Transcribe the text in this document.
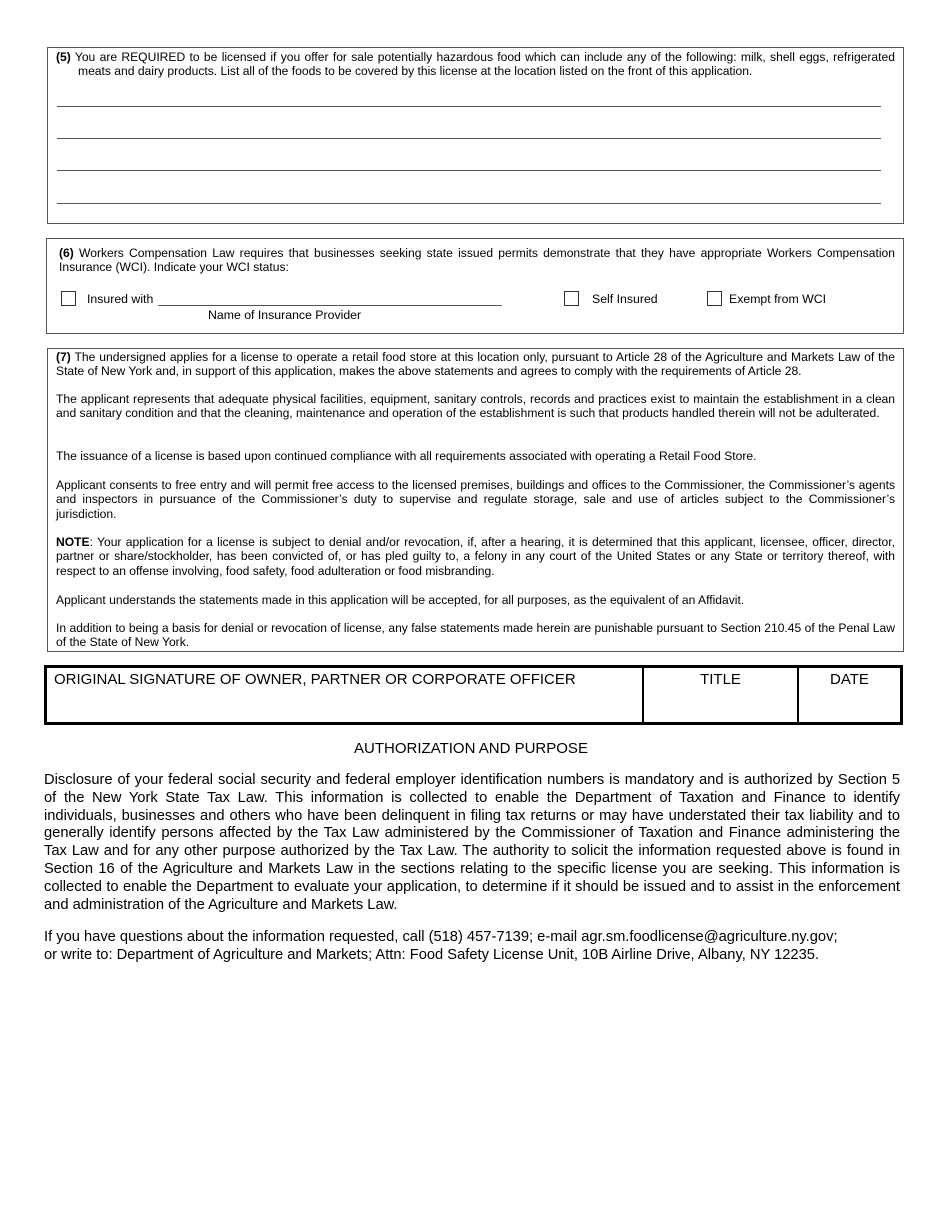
(5) You are REQUIRED to be licensed if you offer for sale potentially hazardous food which can include any of the following: milk, shell eggs, refrigerated meats and dairy products. List all of the foods to be covered by this license at the location listed on the front of this application.
(6) Workers Compensation Law requires that businesses seeking state issued permits demonstrate that they have appropriate Workers Compensation Insurance (WCI). Indicate your WCI status:
Insured with
Name of Insurance Provider
Self Insured	Exempt from WCI

(7) The undersigned applies for a license to operate a retail food store at this location only, pursuant to Article 28 of the Agriculture and Markets Law of the State of New York and, in support of this application, makes the above statements and agrees to comply with the requirements of Article 28.

The applicant represents that adequate physical facilities, equipment, sanitary controls, records and practices exist to maintain the establishment in a clean and sanitary condition and that the cleaning, maintenance and operation of the establishment is such that products handled therein will not be adulterated.

The issuance of a license is based upon continued compliance with all requirements associated with operating a Retail Food Store.

Applicant consents to free entry and will permit free access to the licensed premises, buildings and offices to the Commissioner, the Commissioner’s agents and inspectors in pursuance of the Commissioner’s duty to supervise and regulate storage, sale and use of articles subject to the Commissioner’s jurisdiction.

NOTE: Your application for a license is subject to denial and/or revocation, if, after a hearing, it is determined that this applicant, licensee, officer, director, partner or share/stockholder, has been convicted of, or has pled guilty to, a felony in any court of the United States or any State or territory thereof, with respect to an offense involving, food safety, food adulteration or food misbranding.

Applicant understands the statements made in this application will be accepted, for all purposes, as the equivalent of an Affidavit.

In addition to being a basis for denial or revocation of license, any false statements made herein are punishable pursuant to Section 210.45 of the Penal Law of the State of New York.

ORIGINAL SIGNATURE OF OWNER, PARTNER OR CORPORATE OFFICER	TITLE	DATE
AUTHORIZATION AND PURPOSE

Disclosure of your federal social security and federal employer identification numbers is mandatory and is authorized by Section 5 of the New York State Tax Law. This information is collected to enable the Department of Taxation and Finance to identify individuals, businesses and others who have been delinquent in filing tax returns or may have understated their tax liability and to generally identify persons affected by the Tax Law administered by the Commissioner of Taxation and Finance administering the Tax Law and for any other purpose authorized by the Tax Law. The authority to solicit the information requested above is found in Section 16 of the Agriculture and Markets Law in the sections relating to the specific license you are seeking. This information is collected to enable the Department to evaluate your application, to determine if it should be issued and to assist in the enforcement and administration of the Agriculture and Markets Law.

If you have questions about the information requested, call (518) 457-7139; e-mail agr.sm.foodlicense@agriculture.ny.gov;
or write to: Department of Agriculture and Markets; Attn: Food Safety License Unit, 10B Airline Drive, Albany, NY 12235.
